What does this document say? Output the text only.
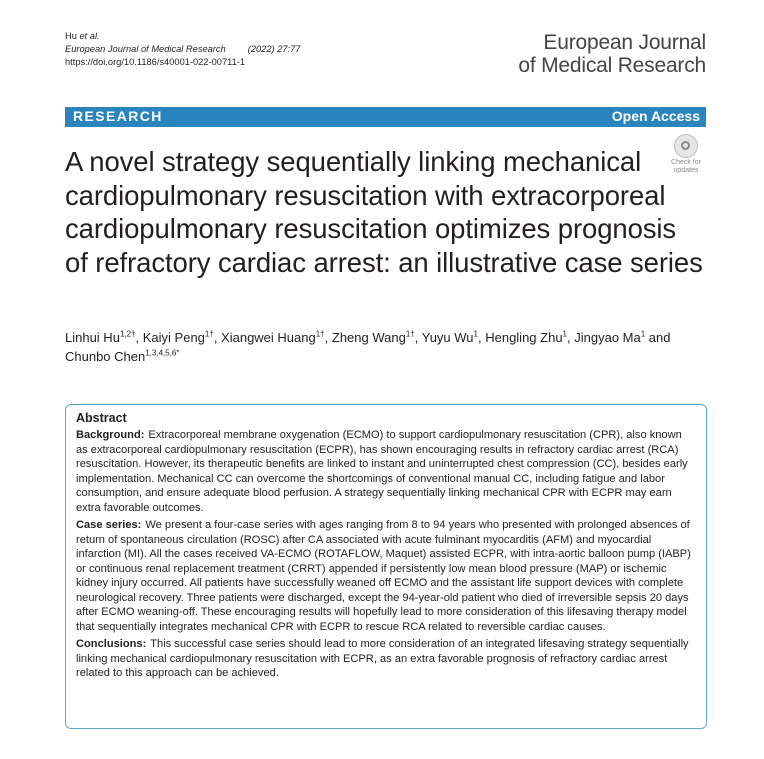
Hu et al.
European Journal of Medical Research (2022) 27:77
https://doi.org/10.1186/s40001-022-00711-1
European Journal
of Medical Research
RESEARCH	Open Access
A novel strategy sequentially linking mechanical cardiopulmonary resuscitation with extracorporeal cardiopulmonary resuscitation optimizes prognosis of refractory cardiac arrest: an illustrative case series
Check for
updates
Linhui $Hu^{1,2\dagger}$, Kaiyi Peng$^{1\dagger}$, Xiangwei Huang$^{1\dagger}$, Zheng Wang$^{1\dagger}$, Yuyu Wu$^1$, Hengling Zhu$^1$, Jingyao Ma$^1$ and Chunbo Chen$^{1,3,4,5,6*}$
Abstract

Background: Extracorporeal membrane oxygenation (ECMO) to support cardiopulmonary resuscitation (CPR), also known as extracorporeal cardiopulmonary resuscitation (ECPR), has shown encouraging results in refractory cardiac arrest (RCA) resuscitation. However, its therapeutic benefits are linked to instant and uninterrupted chest compression (CC), besides early implementation. Mechanical CC can overcome the shortcomings of conventional manual CC, including fatigue and labor consumption, and ensure adequate blood perfusion. A strategy sequentially linking mechanical CPR with ECPR may earn extra favorable outcomes.

Case series: We present a four-case series with ages ranging from 8 to 94 years who presented with prolonged absences of return of spontaneous circulation (ROSC) after CA associated with acute fulminant myocarditis (AFM) and myocardial infarction (MI). All the cases received VA-ECMO (ROTAFLOW, Maquet) assisted ECPR, with intra-aortic balloon pump (IABP) or continuous renal replacement treatment (CRRT) appended if persistently low mean blood pressure (MAP) or ischemic kidney injury occurred. All patients have successfully weaned off ECMO and the assistant life support devices with complete neurological recovery. Three patients were discharged, except the 94-year-old patient who died of irreversible sepsis 20 days after ECMO weaning-off. These encouraging results will hopefully lead to more consideration of this lifesaving therapy model that sequentially integrates mechanical CPR with ECPR to rescue RCA related to reversible cardiac causes.

Conclusions: This successful case series should lead to more consideration of an integrated lifesaving strategy sequentially linking mechanical cardiopulmonary resuscitation with ECPR, as an extra favorable prognosis of refractory cardiac arrest related to this approach can be achieved.
